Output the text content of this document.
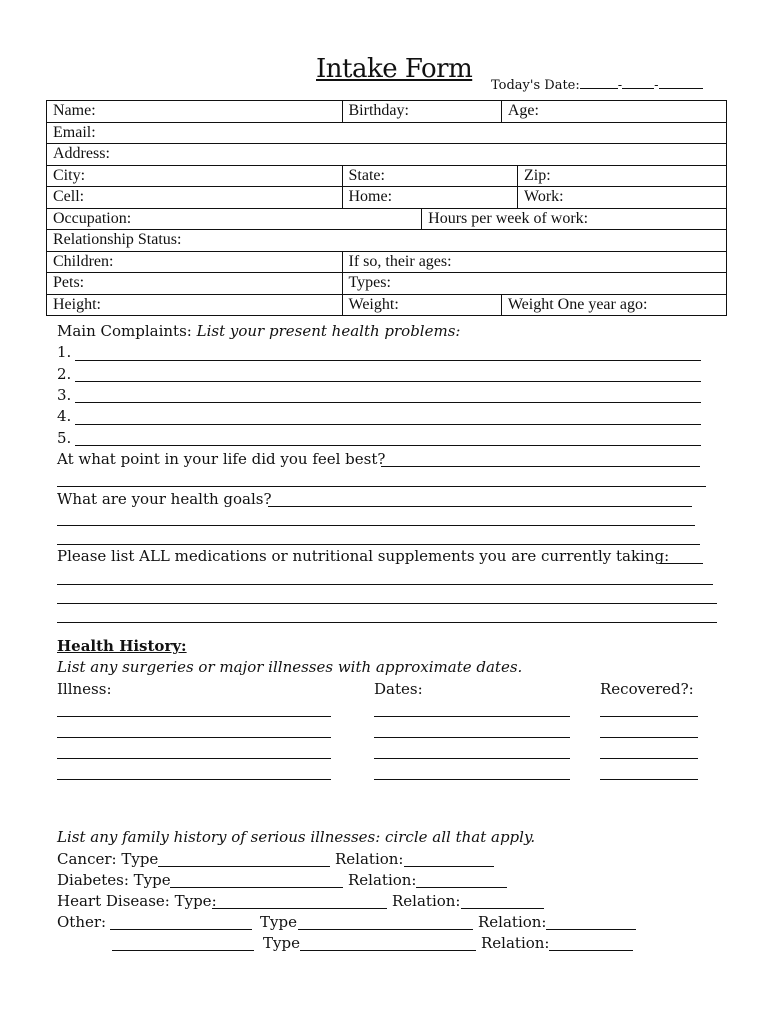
Intake Form
Today's Date:	- -
Name:	Birthday:		Age:	
Email:				
Address:				
City:	State:			Zip:
Cell:	Home:			Work:
Occupation:		Hours per week of work:		
Relationship Status:				
Children:	If so, their ages:			
Pets:	Types:			
Height:	Weight:		Weight One year ago:	
Main Complaints: List your present health problems:
1.
2.
3.
4.
5.
At what point in your life did you feel best?
What are your health goals?
Please list ALL medications or nutritional supplements you are currently taking:
Health History:
List any surgeries or major illnesses with approximate dates.
Illness:	Dates:	Recovered?:
List any family history of serious illnesses: circle all that apply.
Cancer: Type	Relation:
Diabetes: Type	Relation:
Heart Disease: Type:	Relation:
Other:	Type	Relation:
Type	Relation:
